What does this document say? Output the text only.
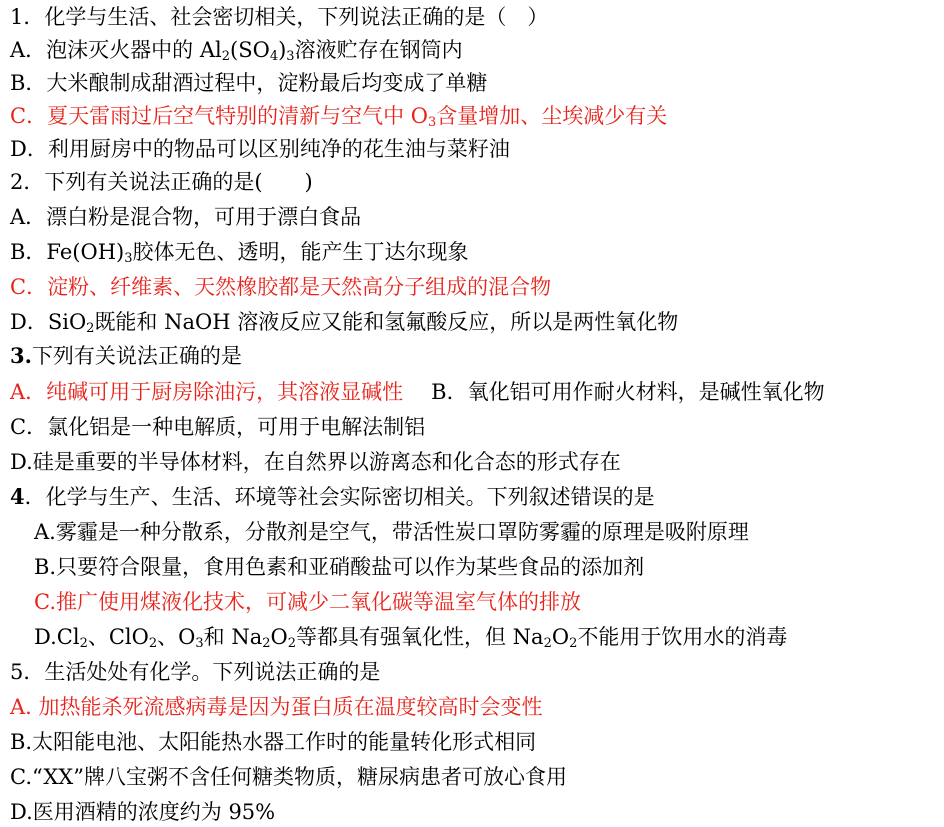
1．化学与生活、社会密切相关，下列说法正确的是（　）
A．泡沫灭火器中的 $Al_2(SO_4)_3$溶液贮存在钢筒内
B．大米酿制成甜酒过程中，淀粉最后均变成了单糖
C．夏天雷雨过后空气特别的清新与空气中 $O_3$含量增加、尘埃减少有关
D．利用厨房中的物品可以区别纯净的花生油与菜籽油
2．下列有关说法正确的是(　　)
A．漂白粉是混合物，可用于漂白食品
B．$Fe(OH)_3$胶体无色、透明，能产生丁达尔现象
C．淀粉、纤维素、天然橡胶都是天然高分子组成的混合物
D．SiO$_2$既能和 NaOH 溶液反应又能和氢氟酸反应，所以是两性氧化物
3.下列有关说法正确的是
A．纯碱可用于厨房除油污，其溶液显碱性 B．氧化铝可用作耐火材料，是碱性氧化物
C．氯化铝是一种电解质，可用于电解法制铝
D.硅是重要的半导体材料，在自然界以游离态和化合态的形式存在
4．化学与生产、生活、环境等社会实际密切相关。下列叙述错误的是
A.雾霾是一种分散系，分散剂是空气，带活性炭口罩防雾霾的原理是吸附原理
B.只要符合限量，食用色素和亚硝酸盐可以作为某些食品的添加剂
C.推广使用煤液化技术，可减少二氧化碳等温室气体的排放
$D.Cl_2$、ClO$_2$、$O_3$和 $Na_2O_2$等都具有强氧化性，但 $Na_2O_2$不能用于饮用水的消毒
5．生活处处有化学。下列说法正确的是
A. 加热能杀死流感病毒是因为蛋白质在温度较高时会变性
B.太阳能电池、太阳能热水器工作时的能量转化形式相同
C.“XX”牌八宝粥不含任何糖类物质，糖尿病患者可放心食用
D.医用酒精的浓度约为 95%
